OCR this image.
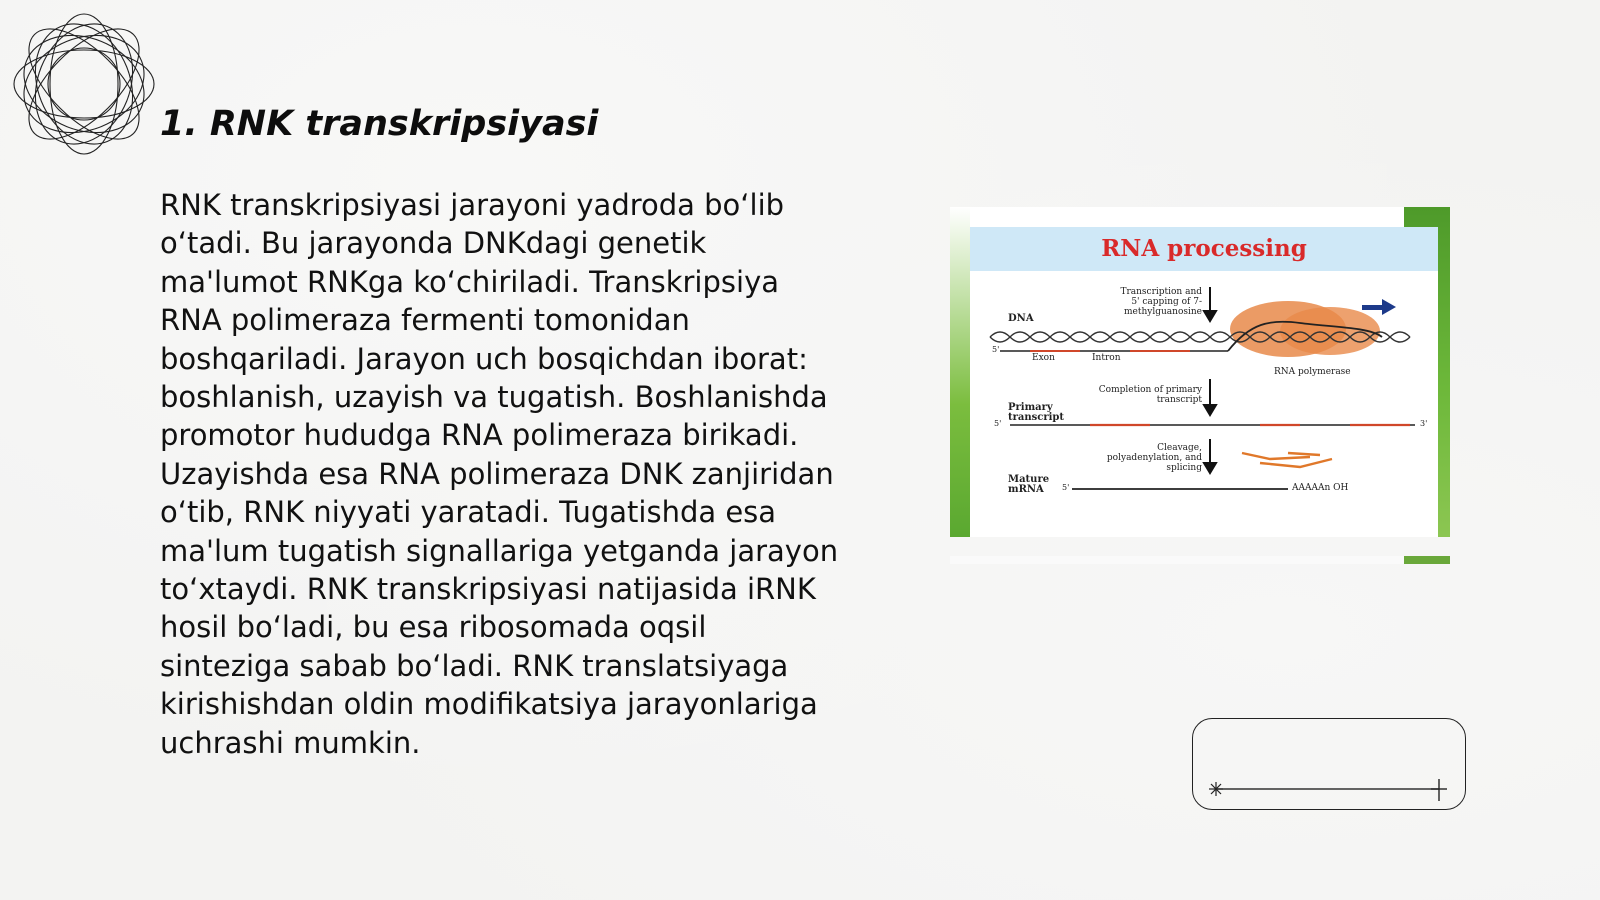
1. RNK transkripsiyasi

RNK transkripsiyasi jarayoni yadroda boʻlib oʻtadi. Bu jarayonda DNKdagi genetik ma'lumot RNKga koʻchiriladi. Transkripsiya RNA polimeraza fermenti tomonidan boshqariladi. Jarayon uch bosqichdan iborat: boshlanish, uzayish va tugatish. Boshlanishda promotor hududga RNA polimeraza birikadi. Uzayishda esa RNA polimeraza DNK zanjiridan oʻtib, RNK niyyati yaratadi. Tugatishda esa ma'lum tugatish signallariga yetganda jarayon toʻxtaydi. RNK transkripsiyasi natijasida iRNK hosil boʻladi, bu esa ribosomada oqsil sinteziga sabab boʻladi. RNK translatsiyaga kirishishdan oldin modifikatsiya jarayonlariga uchrashi mumkin.

RNA processing
Transcription and 5' capping of 7-methylguanosine
DNA
5'
Exon	Intron
RNA polymerase
Completion of primary transcript
Primary transcript
5'	3'
Cleavage, polyadenylation, and splicing
Mature mRNA	5'	AAAAAn OH
